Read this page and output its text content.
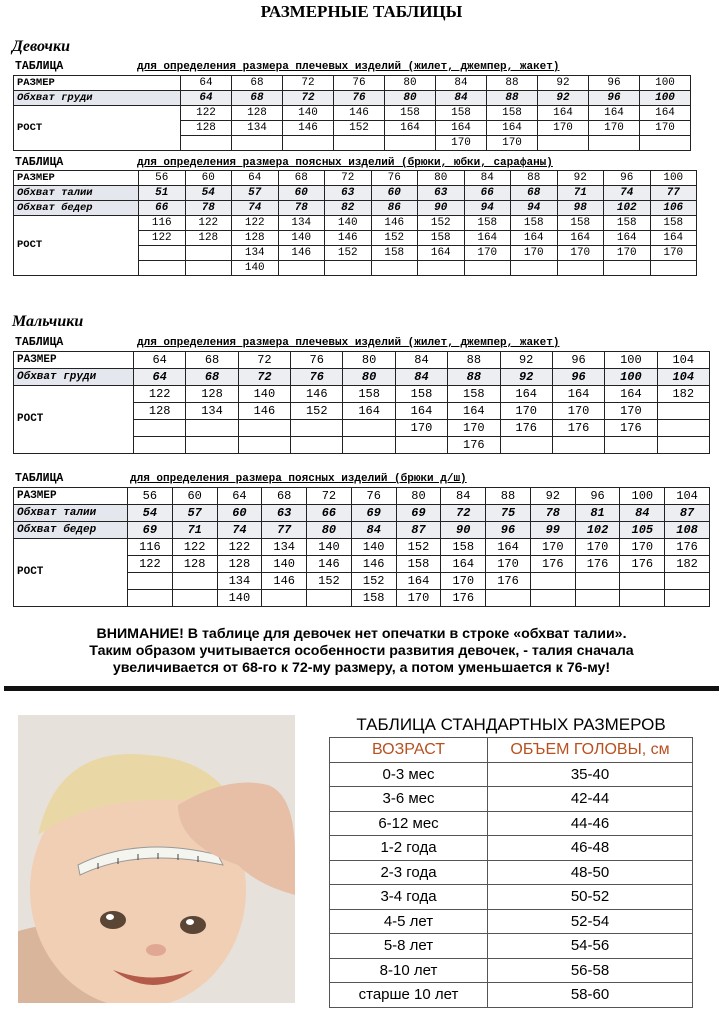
РАЗМЕРНЫЕ ТАБЛИЦЫ
Девочки
ТАБЛИЦА	для определения размера плечевых изделий (жилет, джемпер, жакет)
РАЗМЕР	64	68	72	76	80	84	88	92	96	100
Обхват груди	64	68	72	76	80	84	88	92	96	100
РОСТ	122	128	140	146	158	158	158	164	164	164
	128	134	146	152	164	164	164	170	170	170
						170	170			
ТАБЛИЦА	для определения размера поясных изделий (брюки, юбки, сарафаны)
РАЗМЕР	56	60	64	68	72	76	80	84	88	92	96	100
Обхват талии	51	54	57	60	63	60	63	66	68	71	74	77
Обхват бедер	66	78	74	78	82	86	90	94	94	98	102	106
РОСТ	116	122	122	134	140	146	152	158	158	158	158	158
	122	128	128	140	146	152	158	164	164	164	164	164
			134	146	152	158	164	170	170	170	170	170
			140									
Мальчики
ТАБЛИЦА	для определения размера плечевых изделий (жилет, джемпер, жакет)
РАЗМЕР	64	68	72	76	80	84	88	92	96	100	104
Обхват груди	64	68	72	76	80	84	88	92	96	100	104
РОСТ	122	128	140	146	158	158	158	164	164	164	182
	128	134	146	152	164	164	164	170	170	170	
						170	170	176	176	176	
							176				
ТАБЛИЦА	для определения размера поясных изделий (брюки д/ш)
РАЗМЕР	56	60	64	68	72	76	80	84	88	92	96	100	104
Обхват талии	54	57	60	63	66	69	69	72	75	78	81	84	87
Обхват бедер	69	71	74	77	80	84	87	90	96	99	102	105	108
РОСТ	116	122	122	134	140	140	152	158	164	170	170	170	176
	122	128	128	140	146	146	158	164	170	176	176	176	182
			134	146	152	152	164	170	176				
			140			158	170	176					
ВНИМАНИЕ! В таблице для девочек нет опечатки в строке «обхват талии».
Таким образом учитывается особенности развития девочек, - талия сначала
увеличивается от 68-го к 72-му размеру, а потом уменьшается к 76-му!
ТАБЛИЦА СТАНДАРТНЫХ РАЗМЕРОВ	
ВОЗРАСТ	ОБЪЕМ ГОЛОВЫ, см
0-3 мес	35-40
3-6 мес	42-44
6-12 мес	44-46
1-2 года	46-48
2-3 года	48-50
3-4 года	50-52
4-5 лет	52-54
5-8 лет	54-56
8-10 лет	56-58
старше 10 лет	58-60
